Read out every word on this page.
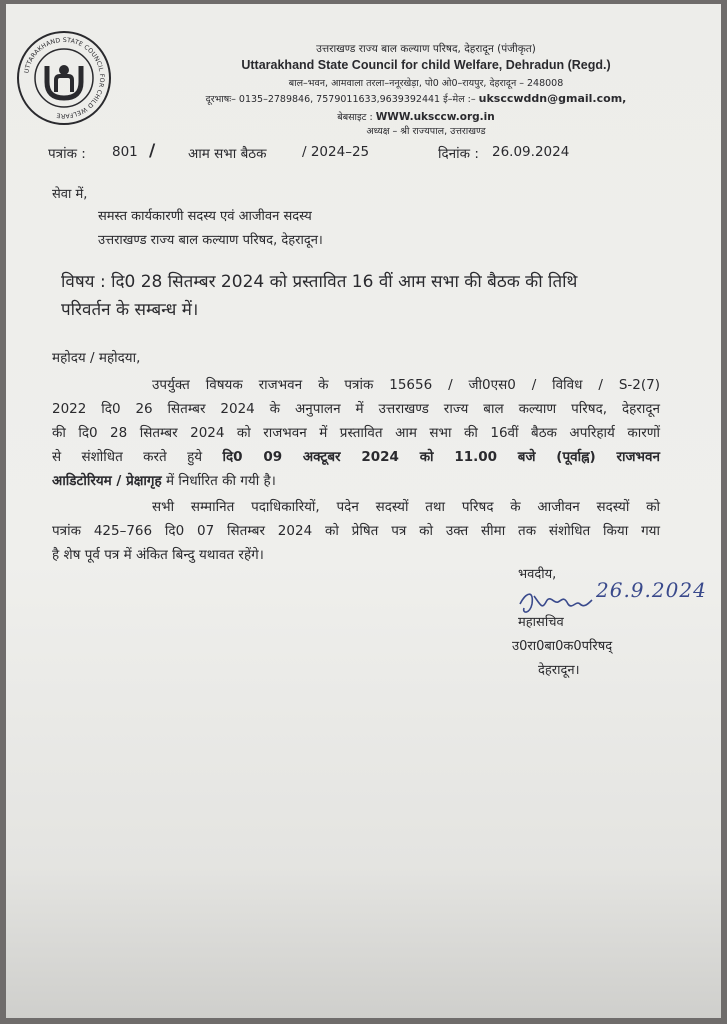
UTTARAKHAND STATE COUNCIL FOR CHILD WELFARE
उत्तराखण्ड राज्य बाल कल्याण परिषद, देहरादून (पंजीकृत)
Uttarakhand State Council for child Welfare, Dehradun (Regd.)
बाल–भवन, आमवाला तरला–ननूरखेड़ा, पो0 ओ0–रायपुर, देहरादून – 248008
दूरभाषः– 0135–2789846, 7579011633,9639392441 ई–मेल :– uksccwddn@gmail.com,
बेबसाइट : WWW.uksccw.org.in
अध्यक्ष – श्री राज्यपाल, उत्तराखण्ड
पत्रांक : 801 / आम सभा बैठक	/ 2024–25	दिनांक : 26.09.2024
सेवा में,
समस्त कार्यकारणी सदस्य एवं आजीवन सदस्य
उत्तराखण्ड राज्य बाल कल्याण परिषद, देहरादून।
विषय : दि0 28 सितम्बर 2024 को प्रस्तावित 16 वीं आम सभा की बैठक की तिथि
परिवर्तन के सम्बन्ध में।
महोदय / महोदया,
उपर्युक्त विषयक राजभवन के पत्रांक 15656 / जी0एस0 / विविध / S-2(7)
2022 दि0 26 सितम्बर 2024 के अनुपालन में उत्तराखण्ड राज्य बाल कल्याण परिषद, देहरादून
की दि0 28 सितम्बर 2024 को राजभवन में प्रस्तावित आम सभा की 16वीं बैठक अपरिहार्य कारणों
से संशोधित करते हुये दि0 09 अक्टूबर 2024 को 11.00 बजे (पूर्वाह्न) राजभवन
आडिटोरियम / प्रेक्षागृह में निर्धारित की गयी है।
सभी सम्मानित पदाधिकारियों, पदेन सदस्यों तथा परिषद के आजीवन सदस्यों को
पत्रांक 425–766 दि0 07 सितम्बर 2024 को प्रेषित पत्र को उक्त सीमा तक संशोधित किया गया
है शेष पूर्व पत्र में अंकित बिन्दु यथावत रहेंगे।
भवदीय,
26.9.2024
महासचिव
उ0रा0बा0क0परिषद्
देहरादून।
